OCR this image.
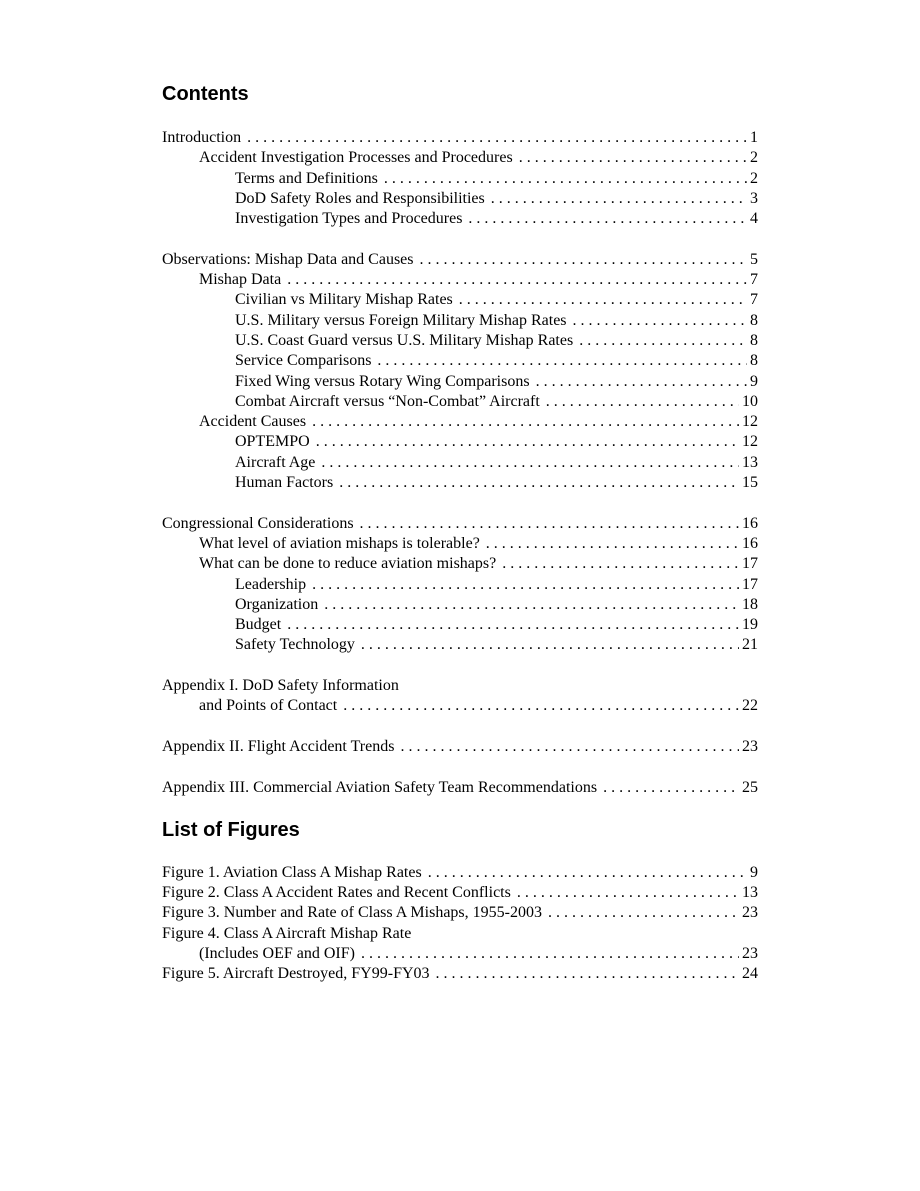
Contents
Introduction . . .	1
Accident Investigation Processes and Procedures . . .	2
Terms and Definitions . . .	2
DoD Safety Roles and Responsibilities . . .	3
Investigation Types and Procedures . . .	4
Observations: Mishap Data and Causes . . .	5
Mishap Data . . .	7
Civilian vs Military Mishap Rates . . .	7
U.S. Military versus Foreign Military Mishap Rates . . .	8
U.S. Coast Guard versus U.S. Military Mishap Rates . . .	8
Service Comparisons . . .	8
Fixed Wing versus Rotary Wing Comparisons . . .	9
Combat Aircraft versus “Non-Combat” Aircraft . . .	10
Accident Causes . . .	12
OPTEMPO . . .	12
Aircraft Age . . .	13
Human Factors . . .	15
Congressional Considerations . . .	16
What level of aviation mishaps is tolerable? . . .	16
What can be done to reduce aviation mishaps? . . .	17
Leadership . . .	17
Organization . . .	18
Budget . . .	19
Safety Technology . . .	21
Appendix I. DoD Safety Information
and Points of Contact . . .	22
Appendix II. Flight Accident Trends . . .	23
Appendix III. Commercial Aviation Safety Team Recommendations . . .	25
List of Figures
Figure 1. Aviation Class A Mishap Rates . . .	9
Figure 2. Class A Accident Rates and Recent Conflicts . . .	13
Figure 3. Number and Rate of Class A Mishaps, 1955-2003 . . .	23
Figure 4. Class A Aircraft Mishap Rate
(Includes OEF and OIF) . . .	23
Figure 5. Aircraft Destroyed, FY99-FY03 . . .	24
